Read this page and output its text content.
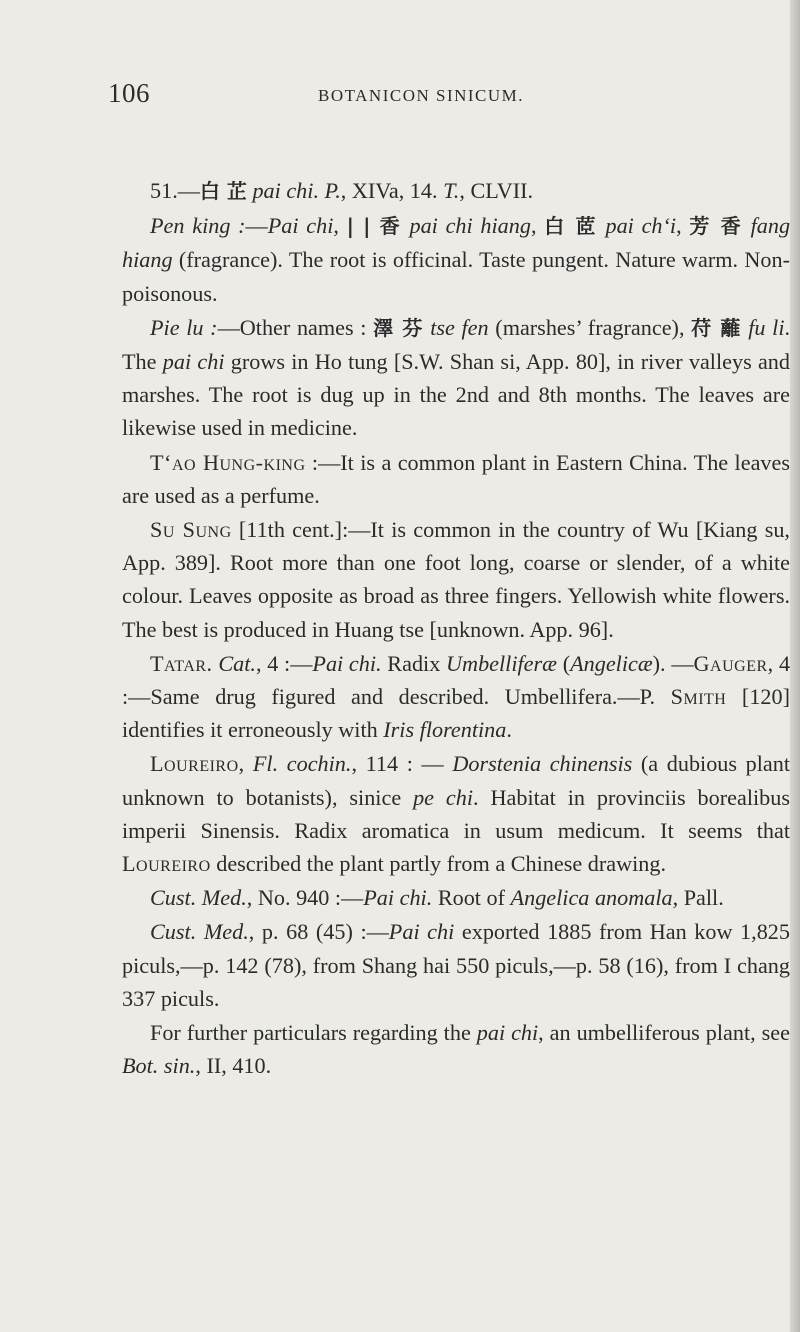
106	BOTANICON SINICUM.

51.—白 芷 pai chi. P., XIVa, 14. T., CLVII.

Pen king :—Pai chi, | | 香 pai chi hiang, 白 茝 pai ch‘i, 芳 香 fang hiang (fragrance). The root is officinal. Taste pungent. Nature warm. Non-poisonous.

Pie lu :—Other names : 澤 芬 tse fen (marshes’ fragrance), 苻 蘺 fu li. The pai chi grows in Ho tung [S.W. Shan si, App. 80], in river valleys and marshes. The root is dug up in the 2nd and 8th months. The leaves are likewise used in medicine.

T‘ao Hung-king :—It is a common plant in Eastern China. The leaves are used as a perfume.

Su Sung [11th cent.]:—It is common in the country of Wu [Kiang su, App. 389]. Root more than one foot long, coarse or slender, of a white colour. Leaves opposite as broad as three fingers. Yellowish white flowers. The best is produced in Huang tse [unknown. App. 96].

Tatar. Cat., 4 :—Pai chi. Radix Umbelliferæ (Angelicæ). —Gauger, 4 :—Same drug figured and described. Umbellifera.—P. Smith [120] identifies it erroneously with Iris florentina.

Loureiro, Fl. cochin., 114 : — Dorstenia chinensis (a dubious plant unknown to botanists), sinice pe chi. Habitat in provinciis borealibus imperii Sinensis. Radix aromatica in usum medicum. It seems that Loureiro described the plant partly from a Chinese drawing.

Cust. Med., No. 940 :—Pai chi. Root of Angelica anomala, Pall.

Cust. Med., p. 68 (45) :—Pai chi exported 1885 from Han kow 1,825 piculs,—p. 142 (78), from Shang hai 550 piculs,—p. 58 (16), from I chang 337 piculs.

For further particulars regarding the pai chi, an umbelliferous plant, see Bot. sin., II, 410.
